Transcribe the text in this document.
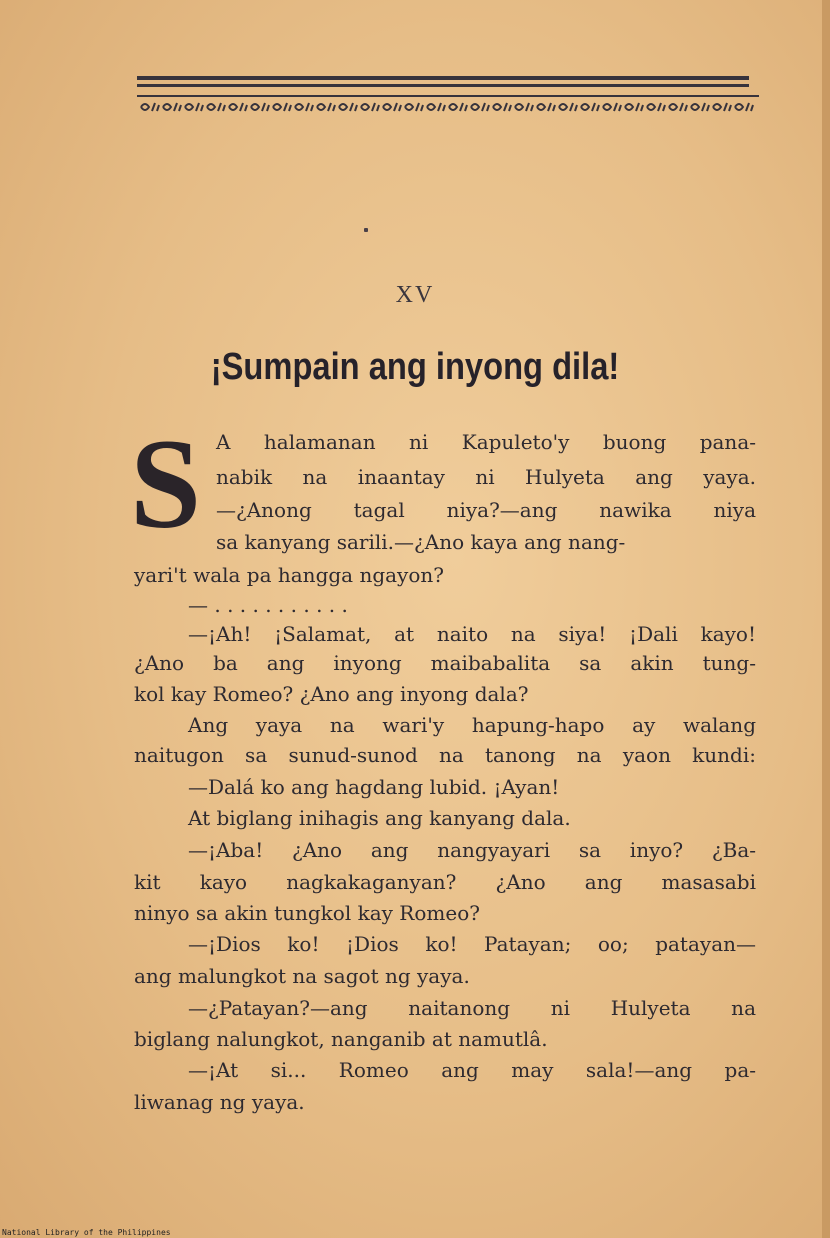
XV
¡Sumpain ang inyong dila!
S A halamanan ni Kapuleto'y buong pana-
nabik na inaantay ni Hulyeta ang yaya.
—¿Anong tagal niya?—ang nawika niya
sa kanyang sarili.—¿Ano kaya ang nang-
yari't wala pa hangga ngayon?
— . . . . . . . . . . .
—¡Ah! ¡Salamat, at naito na siya! ¡Dali kayo!
¿Ano ba ang inyong maibabalita sa akin tung-
kol kay Romeo? ¿Ano ang inyong dala?
Ang yaya na wari'y hapung-hapo ay walang
naitugon sa sunud-sunod na tanong na yaon kundi:
—Dalá ko ang hagdang lubid. ¡Ayan!
At biglang inihagis ang kanyang dala.
—¡Aba! ¿Ano ang nangyayari sa inyo? ¿Ba-
kit kayo nagkakaganyan? ¿Ano ang masasabi
ninyo sa akin tungkol kay Romeo?
—¡Dios ko! ¡Dios ko! Patayan; oo; patayan—
ang malungkot na sagot ng yaya.
—¿Patayan?—ang naitanong ni Hulyeta na
biglang nalungkot, nanganib at namutlâ.
—¡At si... Romeo ang may sala!—ang pa-
liwanag ng yaya.
National Library of the Philippines
